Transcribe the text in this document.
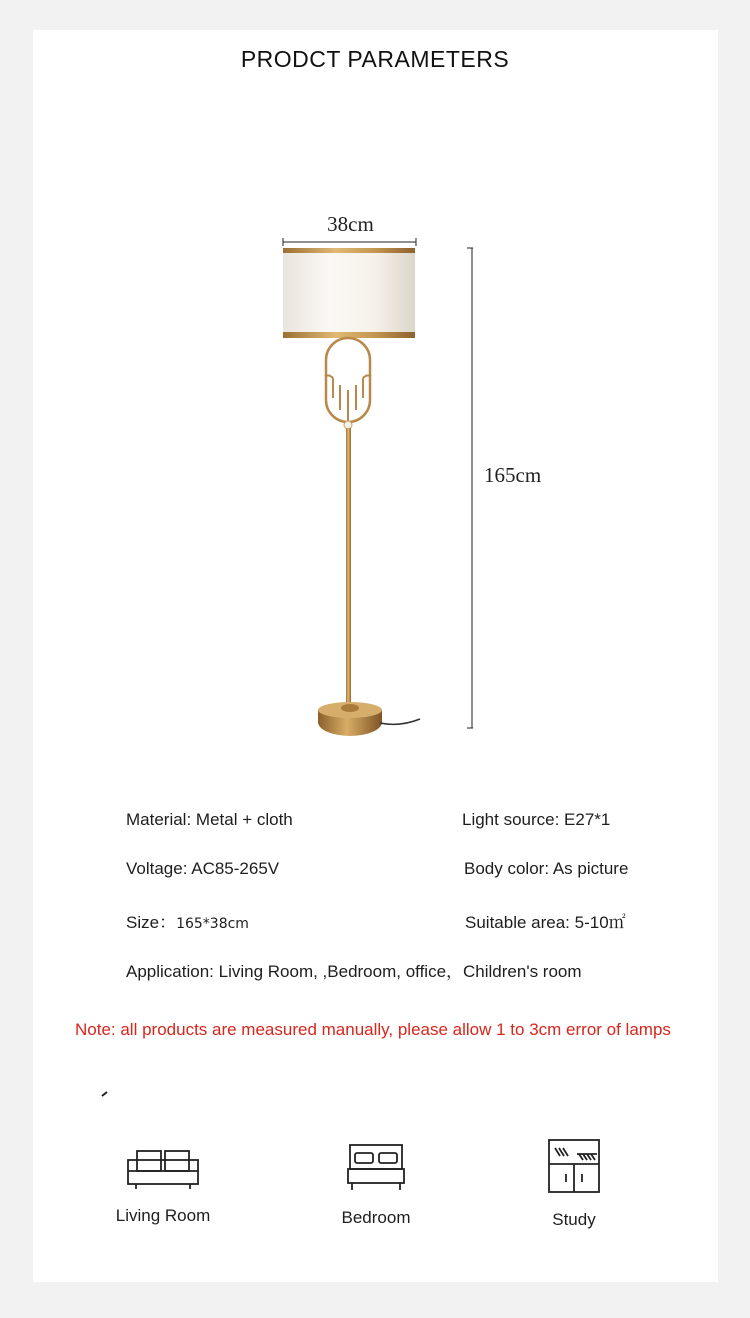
PRODCT PARAMETERS
38cm
165cm
Material: Metal + cloth	Light source: E27*1
Voltage: AC85-265V	Body color: As picture
Size：165*38cm	Suitable area: 5-10㎡
Application: Living Room, ,Bedroom, office，Children's room
Note: all products are measured manually, please allow 1 to 3cm error of lamps
Living Room	Bedroom	Study
